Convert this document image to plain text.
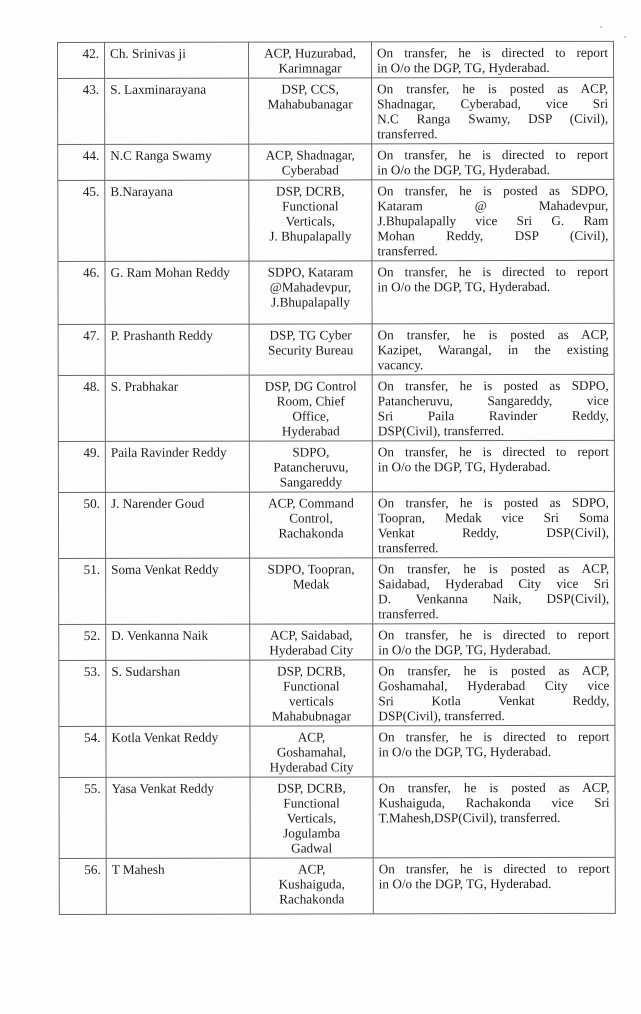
42.	Ch. Srinivas ji	ACP, Huzurabad,
Karimnagar	On transfer, he is directed to report
in O/o the DGP, TG, Hyderabad.

43.	S. Laxminarayana	DSP, CCS,
Mahabubanagar	On transfer, he is posted as ACP,
Shadnagar, Cyberabad, vice Sri
N.C Ranga Swamy, DSP (Civil),
transferred.

44.	N.C Ranga Swamy	ACP, Shadnagar,
Cyberabad	On transfer, he is directed to report
in O/o the DGP, TG, Hyderabad.

45.	B.Narayana	DSP, DCRB,
Functional
Verticals,
J. Bhupalapally	On transfer, he is posted as SDPO,
Kataram @ Mahadevpur,
J.Bhupalapally vice Sri G. Ram
Mohan Reddy, DSP (Civil),
transferred.

46.	G. Ram Mohan Reddy	SDPO, Kataram
@Mahadevpur,
J.Bhupalapally	On transfer, he is directed to report
in O/o the DGP, TG, Hyderabad.

47.	P. Prashanth Reddy	DSP, TG Cyber
Security Bureau	On transfer, he is posted as ACP,
Kazipet, Warangal, in the existing
vacancy.

48.	S. Prabhakar	DSP, DG Control
Room, Chief
Office,
Hyderabad	On transfer, he is posted as SDPO,
Patancheruvu, Sangareddy, vice
Sri Paila Ravinder Reddy,
DSP(Civil), transferred.

49.	Paila Ravinder Reddy	SDPO,
Patancheruvu,
Sangareddy	On transfer, he is directed to report
in O/o the DGP, TG, Hyderabad.

50.	J. Narender Goud	ACP, Command
Control,
Rachakonda	On transfer, he is posted as SDPO,
Toopran, Medak vice Sri Soma
Venkat Reddy, DSP(Civil),
transferred.

51.	Soma Venkat Reddy	SDPO, Toopran,
Medak	On transfer, he is posted as ACP,
Saidabad, Hyderabad City vice Sri
D. Venkanna Naik, DSP(Civil),
transferred.

52.	D. Venkanna Naik	ACP, Saidabad,
Hyderabad City	On transfer, he is directed to report
in O/o the DGP, TG, Hyderabad.

53.	S. Sudarshan	DSP, DCRB,
Functional
verticals
Mahabubnagar	On transfer, he is posted as ACP,
Goshamahal, Hyderabad City vice
Sri Kotla Venkat Reddy,
DSP(Civil), transferred.

54.	Kotla Venkat Reddy	ACP,
Goshamahal,
Hyderabad City	On transfer, he is directed to report
in O/o the DGP, TG, Hyderabad.

55.	Yasa Venkat Reddy	DSP, DCRB,
Functional
Verticals,
Jogulamba
Gadwal	On transfer, he is posted as ACP,
Kushaiguda, Rachakonda vice Sri
T.Mahesh,DSP(Civil), transferred.

56.	T Mahesh	ACP,
Kushaiguda,
Rachakonda	On transfer, he is directed to report
in O/o the DGP, TG, Hyderabad.
